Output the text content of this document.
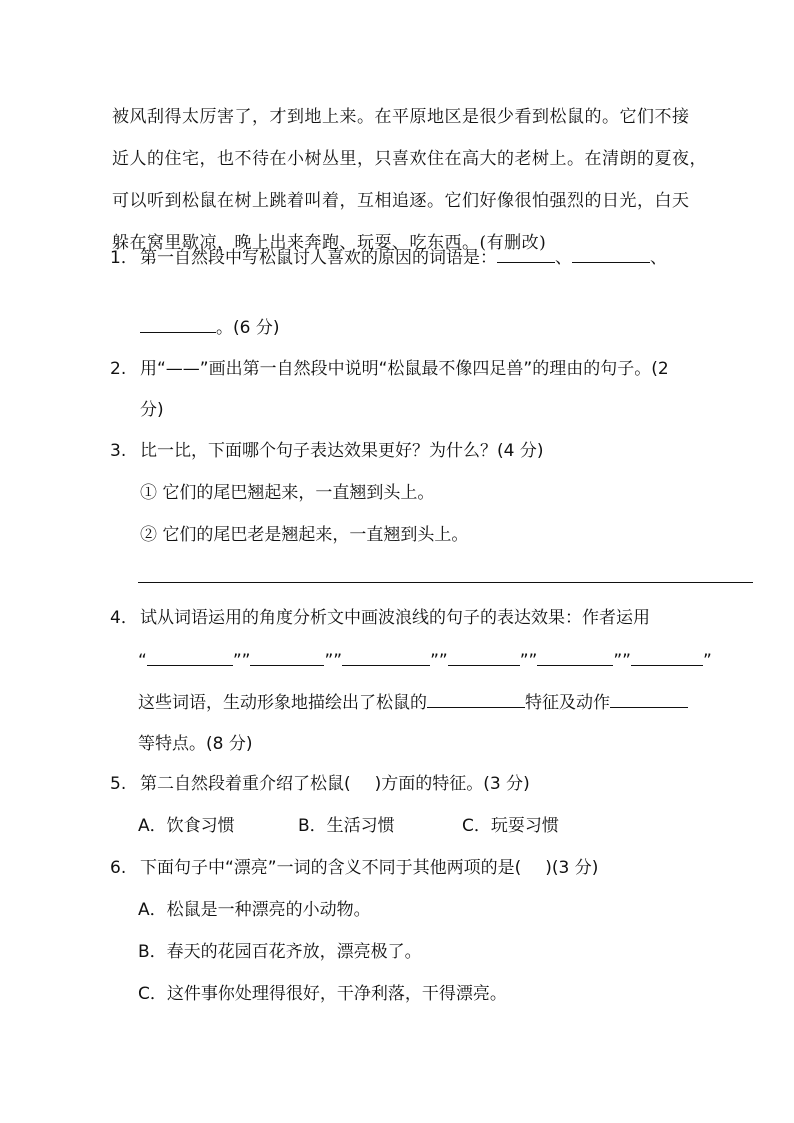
被风刮得太厉害了，才到地上来。在平原地区是很少看到松鼠的。它们不接
近人的住宅，也不待在小树丛里，只喜欢住在高大的老树上。在清朗的夏夜，
可以听到松鼠在树上跳着叫着，互相追逐。它们好像很怕强烈的日光，白天
躲在窝里歇凉，晚上出来奔跑、玩耍、吃东西。(有删改)
1． 第一自然段中写松鼠讨人喜欢的原因的词语是：	、	、
。(6 分)
2. 用“——”画出第一自然段中说明“松鼠最不像四足兽”的理由的句子。(2
分)
3. 比一比，下面哪个句子表达效果更好？为什么？(4 分)
① 它们的尾巴翘起来，一直翘到头上。
② 它们的尾巴老是翘起来，一直翘到头上。
4． 试从词语运用的角度分析文中画波浪线的句子的表达效果：作者运用
“	””	””	””	””	””	”
这些词语，生动形象地描绘出了松鼠的	特征及动作
等特点。(8 分)
5. 第二自然段着重介绍了松鼠( )方面的特征。(3 分)
A．饮食习惯	B．生活习惯	C．玩耍习惯
6. 下面句子中“漂亮”一词的含义不同于其他两项的是( )(3 分)
A．松鼠是一种漂亮的小动物。
B．春天的花园百花齐放，漂亮极了。
C．这件事你处理得很好，干净利落，干得漂亮。
